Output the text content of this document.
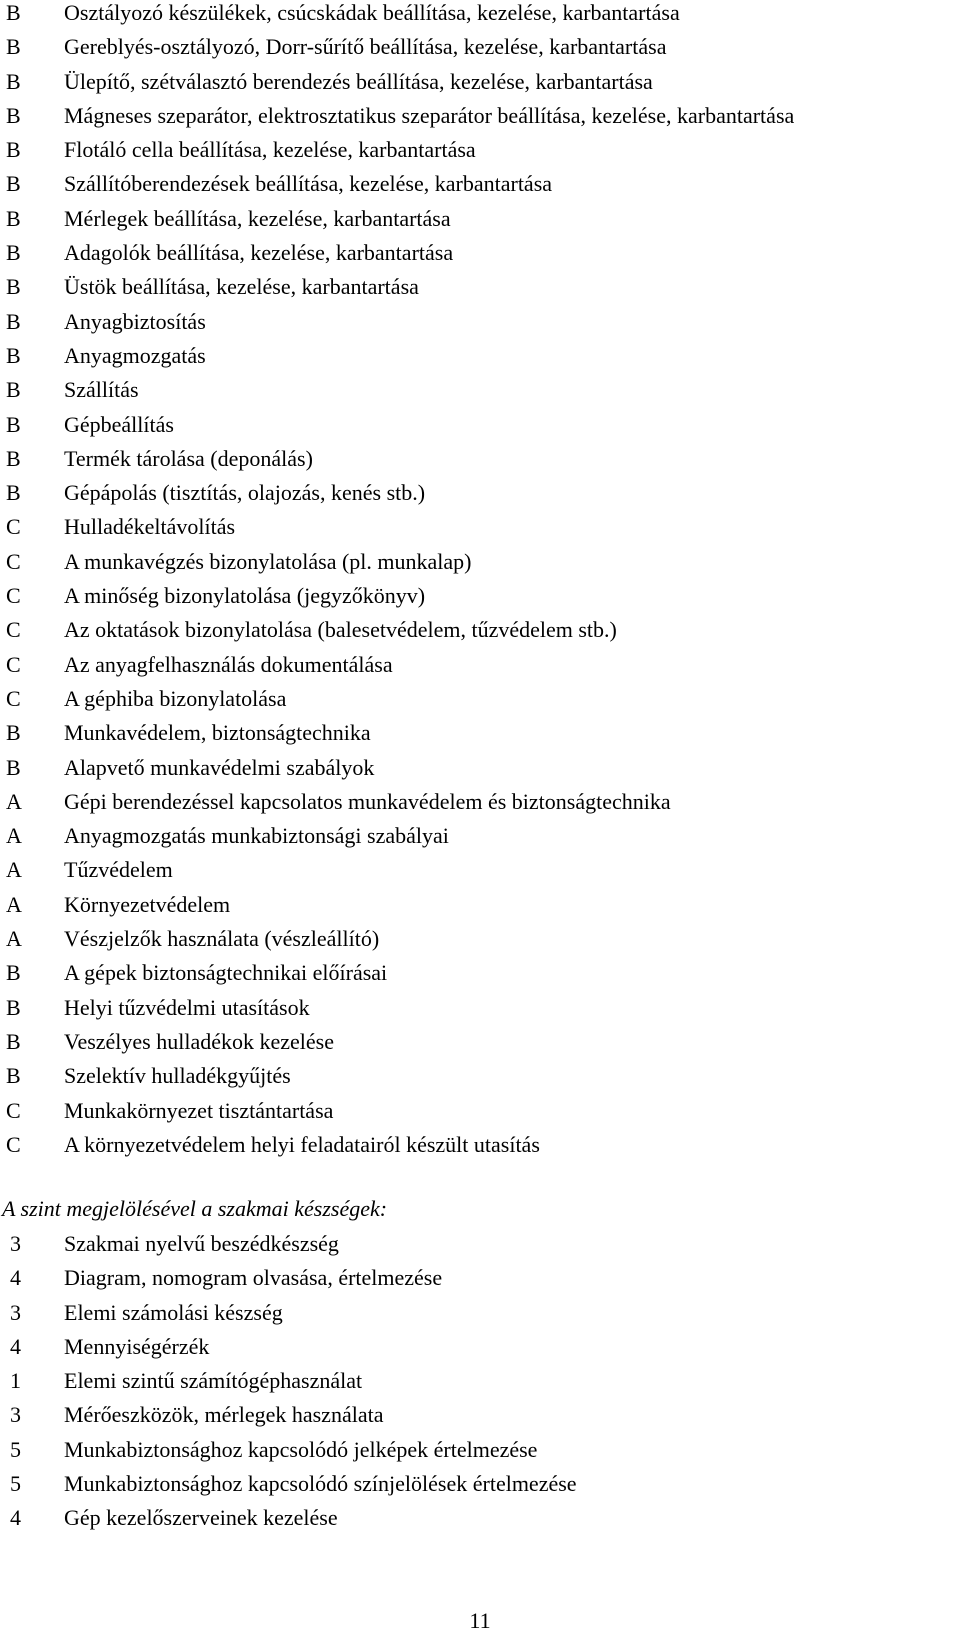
B	Osztályozó készülékek, csúcskádak beállítása, kezelése, karbantartása
B	Gereblyés-osztályozó, Dorr-sűrítő beállítása, kezelése, karbantartása
B	Ülepítő, szétválasztó berendezés beállítása, kezelése, karbantartása
B	Mágneses szeparátor, elektrosztatikus szeparátor beállítása, kezelése, karbantartása
B	Flotáló cella beállítása, kezelése, karbantartása
B	Szállítóberendezések beállítása, kezelése, karbantartása
B	Mérlegek beállítása, kezelése, karbantartása
B	Adagolók beállítása, kezelése, karbantartása
B	Üstök beállítása, kezelése, karbantartása
B	Anyagbiztosítás
B	Anyagmozgatás
B	Szállítás
B	Gépbeállítás
B	Termék tárolása (deponálás)
B	Gépápolás (tisztítás, olajozás, kenés stb.)
C	Hulladékeltávolítás
C	A munkavégzés bizonylatolása (pl. munkalap)
C	A minőség bizonylatolása (jegyzőkönyv)
C	Az oktatások bizonylatolása (balesetvédelem, tűzvédelem stb.)
C	Az anyagfelhasználás dokumentálása
C	A géphiba bizonylatolása
B	Munkavédelem, biztonságtechnika
B	Alapvető munkavédelmi szabályok
A	Gépi berendezéssel kapcsolatos munkavédelem és biztonságtechnika
A	Anyagmozgatás munkabiztonsági szabályai
A	Tűzvédelem
A	Környezetvédelem
A	Vészjelzők használata (vészleállító)
B	A gépek biztonságtechnikai előírásai
B	Helyi tűzvédelmi utasítások
B	Veszélyes hulladékok kezelése
B	Szelektív hulladékgyűjtés
C	Munkakörnyezet tisztántartása
C	A környezetvédelem helyi feladatairól készült utasítás
A szint megjelölésével a szakmai készségek:
3	Szakmai nyelvű beszédkészség
4	Diagram, nomogram olvasása, értelmezése
3	Elemi számolási készség
4	Mennyiségérzék
1	Elemi szintű számítógéphasználat
3	Mérőeszközök, mérlegek használata
5	Munkabiztonsághoz kapcsolódó jelképek értelmezése
5	Munkabiztonsághoz kapcsolódó színjelölések értelmezése
4	Gép kezelőszerveinek kezelése
11
